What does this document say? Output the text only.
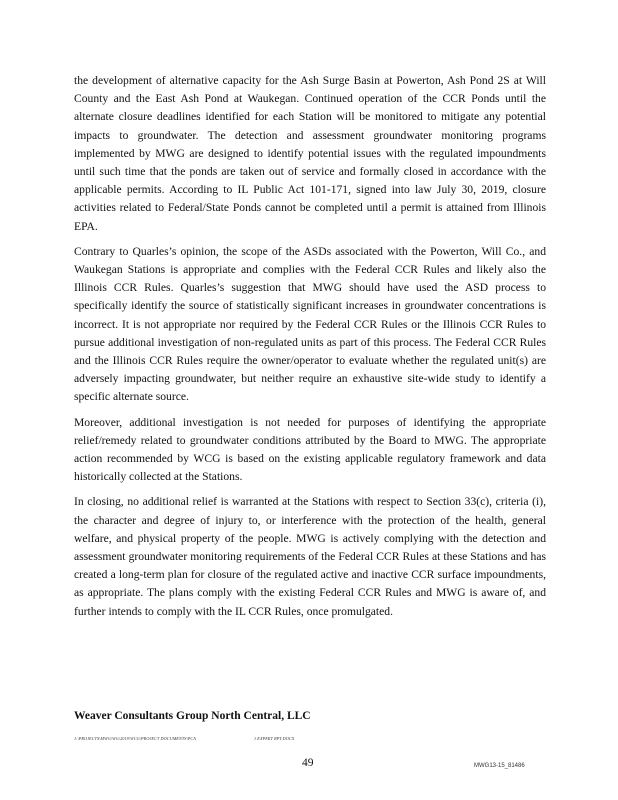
the development of alternative capacity for the Ash Surge Basin at Powerton, Ash Pond 2S at Will County and the East Ash Pond at Waukegan. Continued operation of the CCR Ponds until the alternate closure deadlines identified for each Station will be monitored to mitigate any potential impacts to groundwater. The detection and assessment groundwater monitoring programs implemented by MWG are designed to identify potential issues with the regulated impoundments until such time that the ponds are taken out of service and formally closed in accordance with the applicable permits. According to IL Public Act 101-171, signed into law July 30, 2019, closure activities related to Federal/State Ponds cannot be completed until a permit is attained from Illinois EPA.

Contrary to Quarles’s opinion, the scope of the ASDs associated with the Powerton, Will Co., and Waukegan Stations is appropriate and complies with the Federal CCR Rules and likely also the Illinois CCR Rules. Quarles’s suggestion that MWG should have used the ASD process to specifically identify the source of statistically significant increases in groundwater concentrations is incorrect. It is not appropriate nor required by the Federal CCR Rules or the Illinois CCR Rules to pursue additional investigation of non-regulated units as part of this process. The Federal CCR Rules and the Illinois CCR Rules require the owner/operator to evaluate whether the regulated unit(s) are adversely impacting groundwater, but neither require an exhaustive site-wide study to identify a specific alternate source.

Moreover, additional investigation is not needed for purposes of identifying the appropriate relief/remedy related to groundwater conditions attributed by the Board to MWG. The appropriate action recommended by WCG is based on the existing applicable regulatory framework and data historically collected at the Stations.

In closing, no additional relief is warranted at the Stations with respect to Section 33(c), criteria (i), the character and degree of injury to, or interference with the protection of the health, general welfare, and physical property of the people. MWG is actively complying with the detection and assessment groundwater monitoring requirements of the Federal CCR Rules at these Stations and has created a long-term plan for closure of the regulated active and inactive CCR surface impoundments, as appropriate. The plans comply with the existing Federal CCR Rules and MWG is aware of, and further intends to comply with the IL CCR Rules, once promulgated.

Weaver Consultants Group North Central, LLC
J:\PROJECTS\MWG\WG\2019\WCG\PROJECT DOCUMENTS\PCA	1 EXPERT RPT.DOCX
49	MWG13-15_81486
